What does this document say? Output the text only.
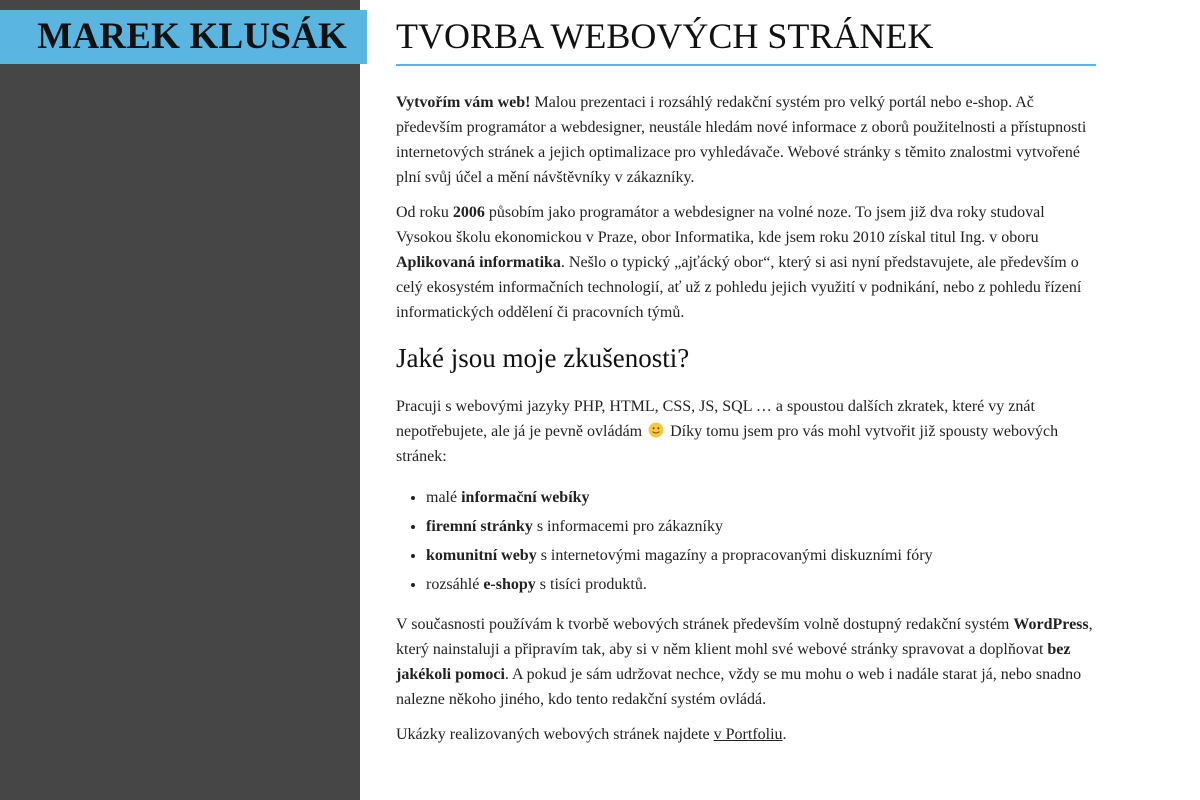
MAREK KLUSÁK	TVORBA WEBOVÝCH STRÁNEK

Vytvořím vám web! Malou prezentaci i rozsáhlý redakční systém pro velký portál nebo e-shop. Ač především programátor a webdesigner, neustále hledám nové informace z oborů použitelnosti a přístupnosti internetových stránek a jejich optimalizace pro vyhledávače. Webové stránky s těmito znalostmi vytvořené plní svůj účel a mění návštěvníky v zákazníky.

Od roku 2006 působím jako programátor a webdesigner na volné noze. To jsem již dva roky studoval Vysokou školu ekonomickou v Praze, obor Informatika, kde jsem roku 2010 získal titul Ing. v oboru Aplikovaná informatika. Nešlo o typický „ajťácký obor“, který si asi nyní představujete, ale především o celý ekosystém informačních technologií, ať už z pohledu jejich využití v podnikání, nebo z pohledu řízení informatických oddělení či pracovních týmů.

Jaké jsou moje zkušenosti?

Pracuji s webovými jazyky PHP, HTML, CSS, JS, SQL … a spoustou dalších zkratek, které vy znát nepotřebujete, ale já je pevně ovládám  Díky tomu jsem pro vás mohl vytvořit již spousty webových stránek:

• malé informační webíky
• firemní stránky s informacemi pro zákazníky
• komunitní weby s internetovými magazíny a propracovanými diskuzními fóry
• rozsáhlé e-shopy s tisíci produktů.

V současnosti používám k tvorbě webových stránek především volně dostupný redakční systém WordPress, který nainstaluji a připravím tak, aby si v něm klient mohl své webové stránky spravovat a doplňovat bez jakékoli pomoci. A pokud je sám udržovat nechce, vždy se mu mohu o web i nadále starat já, nebo snadno nalezne někoho jiného, kdo tento redakční systém ovládá.

Ukázky realizovaných webových stránek najdete v Portfoliu.
